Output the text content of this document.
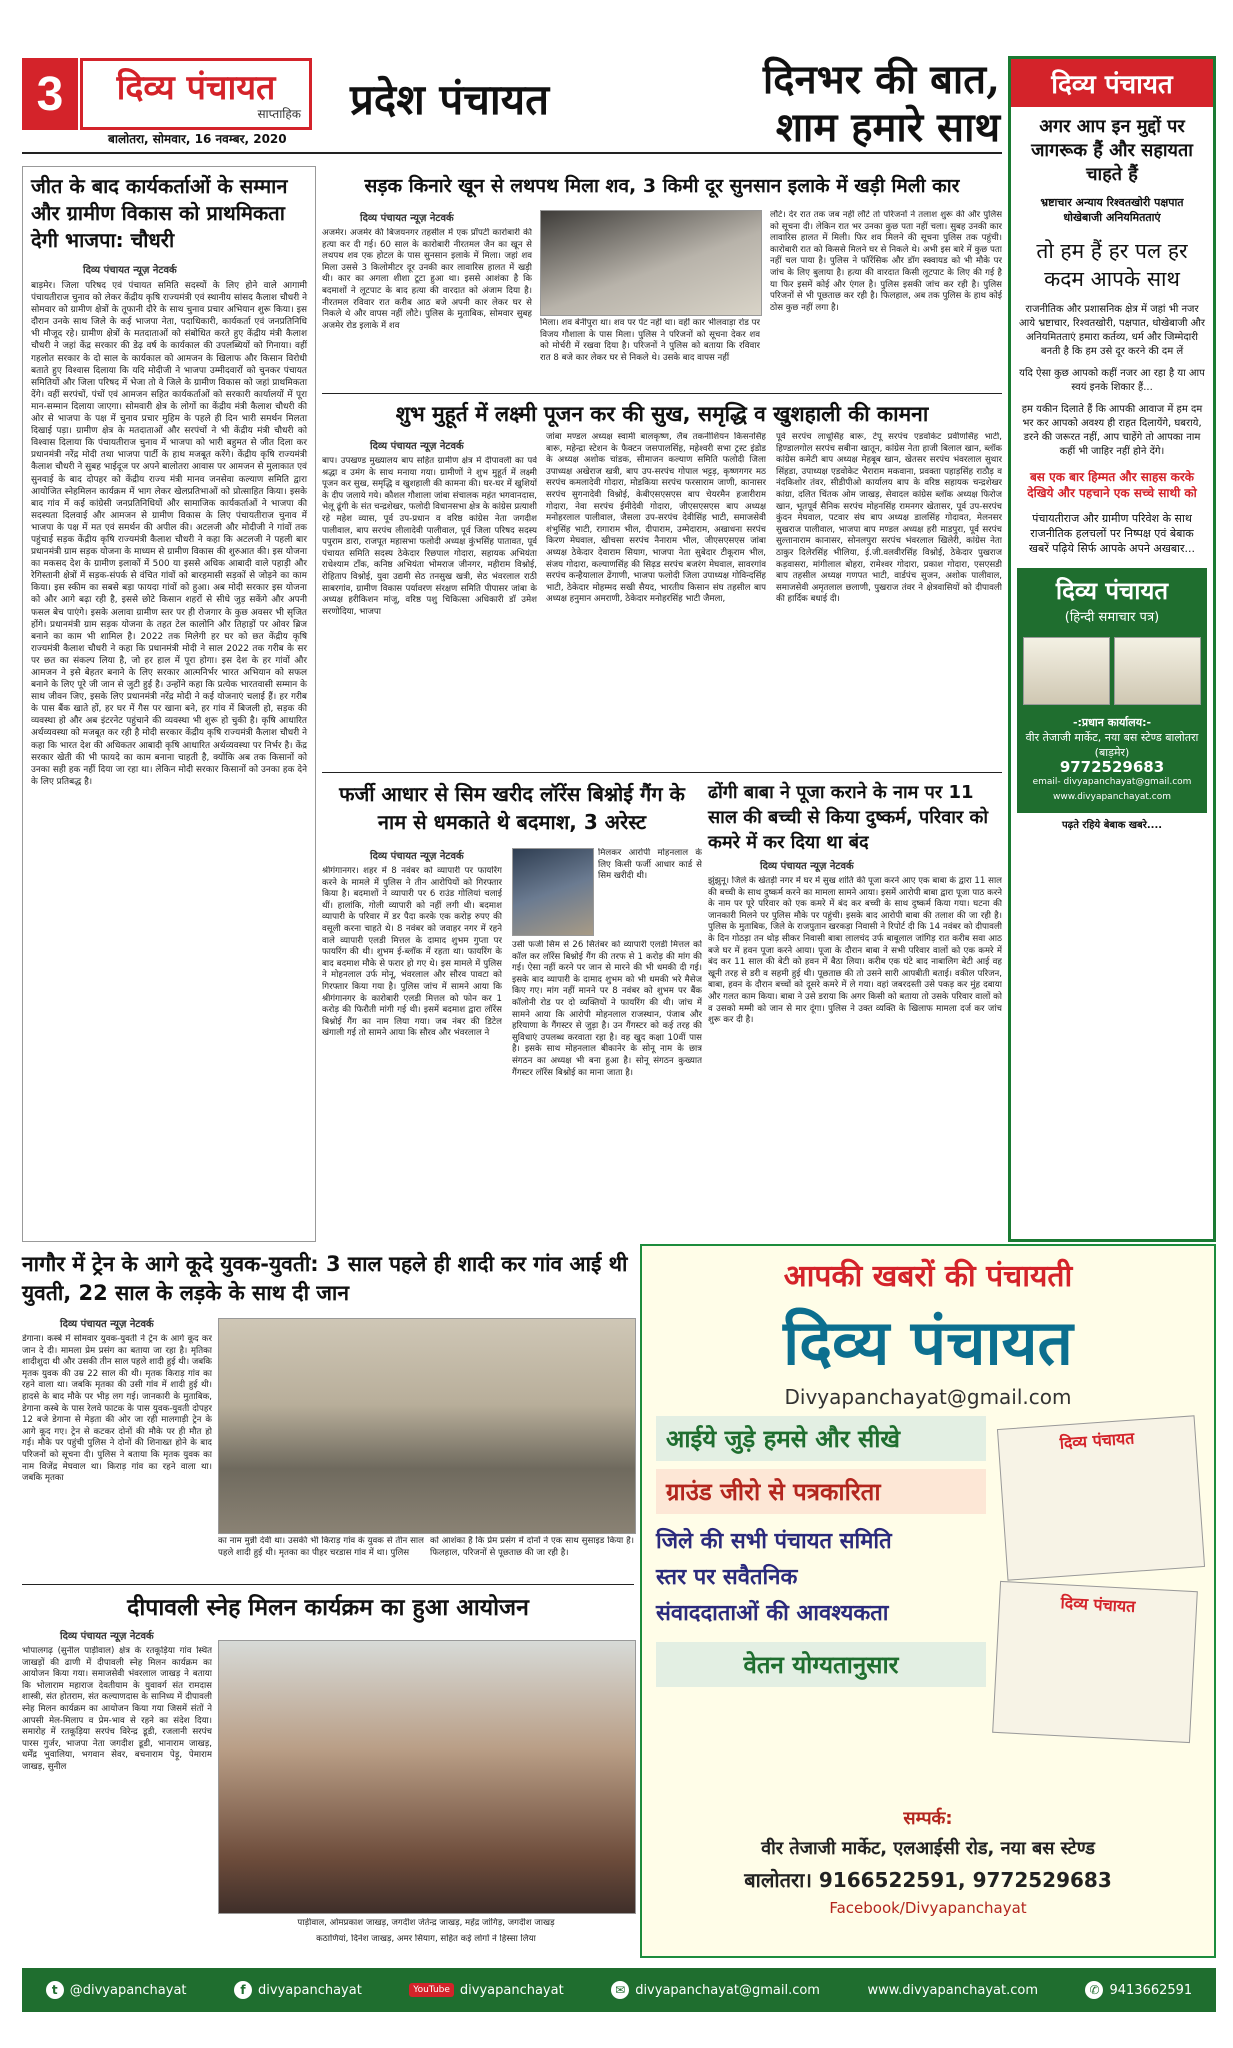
3	दिव्य पंचायत
साप्ताहिक
बालोतरा, सोमवार, 16 नवम्बर, 2020
प्रदेश पंचायत	दिनभर की बात,
शाम हमारे साथ
जीत के बाद कार्यकर्ताओं के सम्मान और ग्रामीण विकास को प्राथमिकता देगी भाजपा: चौधरी
दिव्य पंचायत न्यूज़ नेटवर्क
बाड़मेर। जिला परिषद एवं पंचायत समिति सदस्यों के लिए होने वाले आगामी पंचायतीराज चुनाव को लेकर केंद्रीय कृषि राज्यमंत्री एवं स्थानीय सांसद कैलाश चौधरी ने सोमवार को ग्रामीण क्षेत्रों के तूफानी दौरे के साथ चुनाव प्रचार अभियान शुरू किया। इस दौरान उनके साथ जिले के कई भाजपा नेता, पदाधिकारी, कार्यकर्ता एवं जनप्रतिनिधि भी मौजूद रहे। ग्रामीण क्षेत्रों के मतदाताओं को संबोधित करते हुए केंद्रीय मंत्री कैलाश चौधरी ने जहां केंद्र सरकार की डेढ़ वर्ष के कार्यकाल की उपलब्धियों को गिनाया। वहीं गहलोत सरकार के दो साल के कार्यकाल को आमजन के खिलाफ और किसान विरोधी बताते हुए विश्वास दिलाया कि यदि मोदीजी ने भाजपा उम्मीदवारों को चुनकर पंचायत समितियों और जिला परिषद में भेजा तो वे जिले के ग्रामीण विकास को जहां प्राथमिकता देंगे। वहीं सरपंचों, पंचों एवं आमजन सहित कार्यकर्ताओं को सरकारी कार्यालयों में पूरा मान-सम्मान दिलाया जाएगा। सोमवारी क्षेत्र के लोगों का केंद्रीय मंत्री कैलाश चौधरी की ओर से भाजपा के पक्ष में चुनाव प्रचार मुहिम के पहले ही दिन भारी समर्थन मिलता दिखाई पड़ा। ग्रामीण क्षेत्र के मतदाताओं और सरपंचों ने भी केंद्रीय मंत्री चौधरी को विश्वास दिलाया कि पंचायतीराज चुनाव में भाजपा को भारी बहुमत से जीत दिला कर प्रधानमंत्री नरेंद्र मोदी तथा भाजपा पार्टी के हाथ मजबूत करेंगे। केंद्रीय कृषि राज्यमंत्री कैलाश चौधरी ने सुबह भाईदूज पर अपने बालोतरा आवास पर आमजन से मुलाकात एवं सुनवाई के बाद दोपहर को केंद्रीय राज्य मंत्री मानव जनसेवा कल्याण समिति द्वारा आयोजित स्नेहमिलन कार्यक्रम में भाग लेकर खेलप्रतिभाओं को प्रोत्साहित किया। इसके बाद गांव में कई कांग्रेसी जनप्रतिनिधियों और सामाजिक कार्यकर्ताओं ने भाजपा की सदस्यता दिलवाई और आमजन से ग्रामीण विकास के लिए पंचायतीराज चुनाव में भाजपा के पक्ष में मत एवं समर्थन की अपील की। अटलजी और मोदीजी ने गांवों तक पहुंचाई सड़क केंद्रीय कृषि राज्यमंत्री कैलाश चौधरी ने कहा कि अटलजी ने पहली बार प्रधानमंत्री ग्राम सड़क योजना के माध्यम से ग्रामीण विकास की शुरुआत की। इस योजना का मकसद देश के ग्रामीण इलाकों में 500 या इससे अधिक आबादी वाले पहाड़ी और रेगिस्तानी क्षेत्रों में सड़क-संपर्क से वंचित गांवों को बारहमासी सड़कों से जोड़ने का काम किया। इस स्कीम का सबसे बड़ा फायदा गांवों को हुआ। अब मोदी सरकार इस योजना को और आगे बढ़ा रही है, इससे छोटे किसान शहरों से सीधे जुड़ सकेंगे और अपनी फसल बेच पाएंगे। इसके अलावा ग्रामीण स्तर पर ही रोजगार के कुछ अवसर भी सृजित होंगे। प्रधानमंत्री ग्राम सड़क योजना के तहत टेल कालोनि और तिहाड़ों पर ओवर ब्रिज बनाने का काम भी शामिल है। 2022 तक मिलेगी हर घर को छत केंद्रीय कृषि राज्यमंत्री कैलाश चौधरी ने कहा कि प्रधानमंत्री मोदी ने साल 2022 तक गरीब के सर पर छत का संकल्प लिया है, जो हर हाल में पूरा होगा। इस देश के हर गांवों और आमजन ने इसे बेहतर बनाने के लिए सरकार आत्मनिर्भर भारत अभियान को सफल बनाने के लिए पूरे जी जान से जुटी हुई है। उन्होंने कहा कि प्रत्येक भारतवासी सम्मान के साथ जीवन जिए, इसके लिए प्रधानमंत्री नरेंद्र मोदी ने कई योजनाएं चलाई हैं। हर गरीब के पास बैंक खाते हों, हर घर में गैस पर खाना बने, हर गांव में बिजली हो, सड़क की व्यवस्था हो और अब इंटरनेट पहुंचाने की व्यवस्था भी शुरू हो चुकी है। कृषि आधारित अर्थव्यवस्था को मजबूत कर रही है मोदी सरकार केंद्रीय कृषि राज्यमंत्री कैलाश चौधरी ने कहा कि भारत देश की अधिकतर आबादी कृषि आधारित अर्थव्यवस्था पर निर्भर है। केंद्र सरकार खेती की भी फायदे का काम बनाना चाहती है, क्योंकि अब तक किसानों को उनका सही हक नहीं दिया जा रहा था। लेकिन मोदी सरकार किसानों को उनका हक देने के लिए प्रतिबद्ध है।
सड़क किनारे खून से लथपथ मिला शव, 3 किमी दूर सुनसान इलाके में खड़ी मिली कार
दिव्य पंचायत न्यूज़ नेटवर्क
अजमेर। अजमेर की बिजयनगर तहसील में एक प्रॉपर्टी कारोबारी की हत्या कर दी गई। 60 साल के कारोबारी नीरतमल जैन का खून से लथपथ शव एक होटल के पास सुनसान इलाके में मिला। जहां शव मिला उससे 3 किलोमीटर दूर उनकी कार लावारिस हालत में खड़ी थी। कार का अगला शीशा टूटा हुआ था। इससे आशंका है कि बदमाशों ने लूटपाट के बाद हत्या की वारदात को अंजाम दिया है। नीरतमल रविवार रात करीब आठ बजे अपनी कार लेकर घर से निकले थे और वापस नहीं लौटे। पुलिस के मुताबिक, सोमवार सुबह अजमेर रोड इलाके में शव	मिला। शव बेनीपुरा था। शव पर पेंट नहीं था। वहीं कार भीलवाड़ा रोड पर विजय गौशाला के पास मिला। पुलिस ने परिजनों को सूचना देकर शव को मोर्चरी में रखवा दिया है। परिजनों ने पुलिस को बताया कि रविवार रात 8 बजे कार लेकर घर से निकले थे। उसके बाद वापस नहीं
लौटे। देर रात तक जब नहीं लौटे तो परिजनों ने तलाश शुरू की और पुलिस को सूचना दी। लेकिन रात भर उनका कुछ पता नहीं चला। सुबह उनकी कार लावारिस हालत में मिली। फिर शव मिलने की सूचना पुलिस तक पहुंची। कारोबारी रात को किससे मिलने घर से निकले थे। अभी इस बारे में कुछ पता नहीं चल पाया है। पुलिस ने फॉरेंसिक और डॉग स्क्वायड को भी मौके पर जांच के लिए बुलाया है। हत्या की वारदात किसी लूटपाट के लिए की गई है या फिर इसमें कोई और एंगल है। पुलिस इसकी जांच कर रही है। पुलिस परिजनों से भी पूछताछ कर रही है। फिलहाल, अब तक पुलिस के हाथ कोई ठोस कुछ नहीं लगा है।
शुभ मुहूर्त में लक्ष्मी पूजन कर की सुख, समृद्धि व खुशहाली की कामना
दिव्य पंचायत न्यूज़ नेटवर्क
बाप। उपखण्ड मुख्यालय बाप सहित ग्रामीण क्षेत्र में दीपावली का पर्व श्रद्धा व उमंग के साथ मनाया गया। ग्रामीणों ने शुभ मुहूर्त में लक्ष्मी पूजन कर सुख, समृद्धि व खुशहाली की कामना की। घर-घर में खुशियों के दीप जलाये गये। कौशल गौशाला जांबा संचालक महंत भगवानदास, भेलू ढूंगी के संत चन्द्रशेखर, फलोदी विधानसभा क्षेत्र के कांग्रेस प्रत्याशी रहे महेश व्यास, पूर्व उप-प्रधान व वरिष्ठ कांग्रेस नेता जगदीश पालीवाल, बाप सरपंच लीलादेवी पालीवाल, पूर्व जिला परिषद सदस्य पपुराम डारा, राजपूत महासभा फलोदी अध्यक्ष कुंभसिंह पातावत, पूर्व पंचायत समिति सदस्य ठेकेदार रिछपाल गोदारा, सहायक अभियंता राधेश्याम टाँक, कनिष्ठ अभियंता भोमराज जीनगर, महीराम विश्नोई, रोहिताप विश्नोई, युवा उद्यमी सेठ तनसुख खत्री, सेठ भंवरलाल राठी साबरगांव, ग्रामीण विकास पर्यावरण संरक्षण समिति पीपासर जांबा के अध्यक्ष हरीकिशन मांजू, वरिष्ठ पशु चिकित्सा अधिकारी डॉ उमेश सरणोदिया, भाजपा
जांबा मण्डल अध्यक्ष स्वामी बालकृष्ण, लैब तकनीशियन किसनसिंह बारू, महेन्द्रा स्टेशन के फैक्टन जसपालसिंह, महेश्वरी सभा ट्रस्ट इंडोड के अध्यक्ष अशोक चांडक, सीमाजन कल्याण समिति फलोदी जिला उपाध्यक्ष अखेराज खत्री, बाप उप-सरपंच गोपाल भट्टड़, कृष्णगगर मठ सरपंच कमलादेवी गोदारा, मोडकिया सरपंच फरसाराम जाणी, कानासर सरपंच सुगनादेवी विश्नोई, केबीएसएसएस बाप चेयरमैन हजारीराम गोदारा, नेवा सरपंच ईमीदेवी गोदारा, जीएसएसएस बाप अध्यक्ष मनोहरलाल पालीवाल, जैसला उप-सरपंच देवीसिंह भाटी, समाजसेवी शंभुसिंह भाटी, रागाराम भील, दीपाराम, उम्मेदाराम, अखाधना सरपंच किरण मेघवाल, खीचसा सरपंच नैनाराम भील, जीएसएसएस जांबा अध्यक्ष ठेकेदार देवाराम सियाग, भाजपा नेता सुबेदार टीकूराम भील, संजय गोदारा, कल्याणसिंह की सिढ़ड सरपंच बजरंग मेघवाल, सावरगांव सरपंच कन्हैयालाल ढेंगाणी, भाजपा फलोदी जिला उपाध्यक्ष गोविन्दसिंह भाटी, ठेकेदार मोहम्मद सखी सैयद, भारतीय किसान संघ तहसील बाप अध्यक्ष हनुमान अमराणी, ठेकेदार मनोहरसिंह भाटी जैमला,
पूर्व सरपंच लाधूसिंह बारू, टेपू सरपंच एडवोकेट प्रवीणसिंह भाटी, हिण्डालगोल सरपंच सबीना खातून, कांग्रेस नेता हाजी बिलाल खान, ब्लॉक कांग्रेस कमेटी बाप अध्यक्ष मेहबूब खान, खेतसर सरपंच भंवरलाल सुथार सिंहडा, उपाध्यक्ष एडवोकेट भैराराम मकवाना, प्रवक्ता पहाड़सिंह राठौड़ व नंदकिशोर तंवर, सीडीपीओ कार्यालय बाप के वरिष्ठ सहायक चन्द्रशेखर कांग्रा, दलित चिंतक ओम जाखड़, सेवादल कांग्रेस ब्लॉक अध्यक्ष फिरोज खान, भूतपूर्व सैनिक सरपंच मोहनसिंह रामनगर खेतासर, पूर्व उप-सरपंच कुंदन मेघवाल, पटवार संघ बाप अध्यक्ष डालसिंह गोदावत, मेलनसर सुखराज पालीवाल, भाजपा बाप मण्डल अध्यक्ष हरी माडपुरा, पूर्व सरपंच सुल्तानाराम कानासर, सोनलपुरा सरपंच भंवरलाल खिलेरी, कांग्रेस नेता ठाकुर दिलेरसिंह भीलिया, ई.जी.वलवीरसिंह विश्नोई, ठेकेदार पुखराज कड़वासरा, मांगीलाल बोहरा, रामेश्वर गोदारा, प्रकाश गोदारा, एसएसडी बाप तहसील अध्यक्ष गणपत भाटी, वार्डपंच सुजन, अशोक पालीवाल, समाजसेवी अमृतलाल छलाणी, पुखराज तंवर ने क्षेत्रवासियों को दीपावली की हार्दिक बधाई दी।
फर्जी आधार से सिम खरीद लॉरेंस बिश्नोई गैंग के नाम से धमकाते थे बदमाश, 3 अरेस्ट
दिव्य पंचायत न्यूज़ नेटवर्क
श्रीगंगानगर। शहर में 8 नवंबर को व्यापारी पर फायरिंग करने के मामले में पुलिस ने तीन आरोपियों को गिरफ्तार किया है। बदमाशों ने व्यापारी पर 6 राउंड गोलियां चलाई थीं। हालांकि, गोली व्यापारी को नहीं लगी थी। बदमाश व्यापारी के परिवार में डर पैदा करके एक करोड़ रुपए की वसूली करना चाहते थे। 8 नवंबर को जवाहर नगर में रहने वाले व्यापारी एलडी मित्तल के दामाद शुभम गुप्ता पर फायरिंग की थी। शुभम ई-ब्लॉक में रहता था। फायरिंग के बाद बदमाश मौके से फरार हो गए थे। इस मामले में पुलिस ने मोहनलाल उर्फ मोनू, भंवरलाल और सौरव पावटा को गिरफ्तार किया गया है। पुलिस जांच में सामने आया कि श्रीगंगानगर के कारोबारी एलडी मित्तल को फोन कर 1 करोड़ की फिरौती मांगी गई थी। इसमें बदमाश द्वारा लॉरेंस बिश्नोई गैंग का नाम लिया गया। जब नंबर की डिटेल खंगाली गई तो सामने आया कि सौरव और भंवरलाल ने
मिलकर आरोपी मोहनलाल के लिए किसी फर्जी आधार कार्ड से सिम खरीदी थी।
उसी फर्जी सिम से 26 सितंबर को व्यापारी एलडी मित्तल को कॉल कर लॉरेंस बिश्नोई गैंग की तरफ से 1 करोड़ की मांग की गई। ऐसा नहीं करने पर जान से मारने की भी धमकी दी गई। इसके बाद व्यापारी के दामाद शुभम को भी धमकी भरे मैसेज किए गए। मांग नहीं मानने पर 8 नवंबर को शुभम पर बैंक कॉलोनी रोड पर दो व्यक्तियों ने फायरिंग की थी। जांच में सामने आया कि आरोपी मोहनलाल राजस्थान, पंजाब और हरियाणा के गैंगस्टर से जुड़ा है। उन गैंगस्टर को कई तरह की सुविधाएं उपलब्ध करवाता रहा है। वह खुद कक्षा 10वीं पास है। इसके साथ मोहनलाल बीकानेर के सोनू नाम के छात्र संगठन का अध्यक्ष भी बना हुआ है। सोनू संगठन कुख्यात गैंगस्टर लॉरेंस बिश्नोई का माना जाता है।
ढोंगी बाबा ने पूजा कराने के नाम पर 11 साल की बच्ची से किया दुष्कर्म, परिवार को कमरे में कर दिया था बंद
दिव्य पंचायत न्यूज़ नेटवर्क
झुंझुनू। जिले के खेतड़ी नगर में घर में सुख शांति की पूजा करने आए एक बाबा के द्वारा 11 साल की बच्ची के साथ दुष्कर्म करने का मामला सामने आया। इसमें आरोपी बाबा द्वारा पूजा पाठ करने के नाम पर पूरे परिवार को एक कमरे में बंद कर बच्ची के साथ दुष्कर्म किया गया। घटना की जानकारी मिलने पर पुलिस मौके पर पहुंची। इसके बाद आरोपी बाबा की तलाश की जा रही है। पुलिस के मुताबिक, जिले के राजपुतान खरकड़ा निवासी ने रिपोर्ट दी कि 14 नवंबर को दीपावली के दिन गोठड़ा तन थोड़ सीकर निवासी बाबा लालचंद उर्फ बाबूलाल जांगिड़ रात करीब सवा आठ बजे घर में हवन पूजा करने आया। पूजा के दौरान बाबा ने सभी परिवार वालों को एक कमरे में बंद कर 11 साल की बेटी को हवन में बैठा लिया। करीब एक घंटे बाद नाबालिग बेटी आई वह खूनी तरह से डरी व सहमी हुई थी। पूछताछ की तो उसने सारी आपबीती बताई। वकील परिजन, बाबा, हवन के दौरान बच्चों को दूसरे कमरे में ले गया। वहां जबरदस्ती उसे पकड़ कर मुंह दबाया और गलत काम किया। बाबा ने उसे डराया कि अगर किसी को बताया तो उसके परिवार वालों को व उसको मम्मी को जान से मार दूंगा। पुलिस ने उक्त व्यक्ति के खिलाफ मामला दर्ज कर जांच शुरू कर दी है।
दिव्य पंचायत
अगर आप इन मुद्दों पर जागरूक हैं और सहायता चाहते हैं
भ्रष्टाचार अन्याय रिश्वतखोरी पक्षपात धोखेबाजी अनियमितताएं
तो हम हैं हर पल हर कदम आपके साथ
राजनीतिक और प्रशासनिक क्षेत्र में जहां भी नजर आये भ्रष्टाचार, रिश्वतखोरी, पक्षपात, धोखेबाजी और अनियमितताएं हमारा कर्तव्य, धर्म और जिम्मेदारी बनती है कि हम उसे दूर करने की दम लें
यदि ऐसा कुछ आपको कहीं नजर आ रहा है या आप स्वयं इनके शिकार हैं...
हम यकीन दिलाते हैं कि आपकी आवाज में हम दम भर कर आपको अवश्य ही राहत दिलायेंगे, घबराये, डरने की जरूरत नहीं, आप चाहेंगे तो आपका नाम कहीं भी जाहिर नहीं होने देंगे।
बस एक बार हिम्मत और साहस करके देखिये और पहचाने एक सच्चे साथी को
पंचायतीराज और ग्रामीण परिवेश के साथ राजनीतिक हलचलों पर निष्पक्ष एवं बेबाक खबरें पढ़िये सिर्फ आपके अपने अखबार...
दिव्य पंचायत
(हिन्दी समाचार पत्र)
-:प्रधान कार्यालय:-
वीर तेजाजी मार्केट, नया बस स्टेण्ड बालोतरा (बाड़मेर)
9772529683
email- divyapanchayat@gmail.com
www.divyapanchayat.com
पढ़ते रहिये बेबाक खबरे....
नागौर में ट्रेन के आगे कूदे युवक-युवती: 3 साल पहले ही शादी कर गांव आई थी युवती, 22 साल के लड़के के साथ दी जान
दिव्य पंचायत न्यूज़ नेटवर्क
डेगाना। कस्बे में सोमवार युवक-युवती ने ट्रेन के आगे कूद कर जान दे दी। मामला प्रेम प्रसंग का बताया जा रहा है। मृतिका शादीशुदा थी और उसकी तीन साल पहले शादी हुई थी। जबकि मृतक युवक की उम्र 22 साल की थी। मृतक किराड़ गांव का रहने वाला था। जबकि मृतका की उसी गांव में शादी हुई थी। हादसे के बाद मौके पर भीड़ लग गई। जानकारी के मुताबिक, डेगाना कस्बे के पास रेलवे फाटक के पास युवक-युवती दोपहर 12 बजे डेगाना से मेड़ता की ओर जा रही मालगाड़ी ट्रेन के आगे कूद गए। ट्रेन से कटकर दोनों की मौके पर ही मौत हो गई। मौके पर पहुंची पुलिस ने दोनों की शिनाख्त होने के बाद परिजनों को सूचना दी। पुलिस ने बताया कि मृतक युवक का नाम विजेंद्र मेघवाल था। किराड़ गांव का रहने वाला था। जबकि मृतका
का नाम मुन्नी देवी था। उसकी भी किराड़ गांव के युवक से तीन साल पहले शादी हुई थी। मृतका का पीहर चरडास गांव में था। पुलिस
को आशंका है कि प्रेम प्रसंग में दोनों ने एक साथ सुसाइड किया है। फिलहाल, परिजनों से पूछताछ की जा रही है।
दीपावली स्नेह मिलन कार्यक्रम का हुआ आयोजन
दिव्य पंचायत न्यूज़ नेटवर्क
भोपालगढ़ (सुनील पाड़ीवाल) क्षेत्र के रतकूड़िया गांव स्थित जाखड़ों की ढाणी में दीपावली स्नेह मिलन कार्यक्रम का आयोजन किया गया। समाजसेवी भंवरलाल जाखड़ ने बताया कि भोलाराम महाराज देवतीयाम के युवावर्ग संत रामदास शास्त्री, संत होतराम, संत कल्याणदास के सानिध्य में दीपावली स्नेह मिलन कार्यक्रम का आयोजन किया गया जिसमें संतों ने आपसी मेल-मिलाप व प्रेम-भाव से रहने का संदेश दिया। समारोह में रतकूड़िया सरपंच विरेन्द्र डूडी, रजलानी सरपंच पारस गुर्जर, भाजपा नेता जगदीश डूडी, भानाराम जाखड़, धर्मेंद्र भुवालिया, भगवान सेवर, बचनाराम पेड़ू, पेमाराम जाखड़, सुनील
पाड़ीवाल, ओमप्रकाश जाखड़, जगदीश जेतेन्द्र जाखड़, महेंद्र जांगिड़, जगदीश जाखड़
कठाणियां, दिनेश जाखड़, अमर सियाग, सहित कई लोगों ने हिस्सा लिया
आपकी खबरों की पंचायती
दिव्य पंचायत
Divyapanchayat@gmail.com
आईये जुड़े हमसे और सीखे
ग्राउंड जीरो से पत्रकारिता
जिले की सभी पंचायत समिति
स्तर पर सवैतनिक
संवाददाताओं की आवश्यकता
वेतन योग्यतानुसार
दिव्य पंचायत
दिव्य पंचायत
सम्पर्क:
वीर तेजाजी मार्केट, एलआईसी रोड, नया बस स्टेण्ड
बालोतरा। 9166522591, 9772529683
Facebook/Divyapanchayat
t @divyapanchayat	f divyapanchayat	YouTube divyapanchayat	✉ divyapanchayat@gmail.com	www.divyapanchayat.com	✆ 9413662591
